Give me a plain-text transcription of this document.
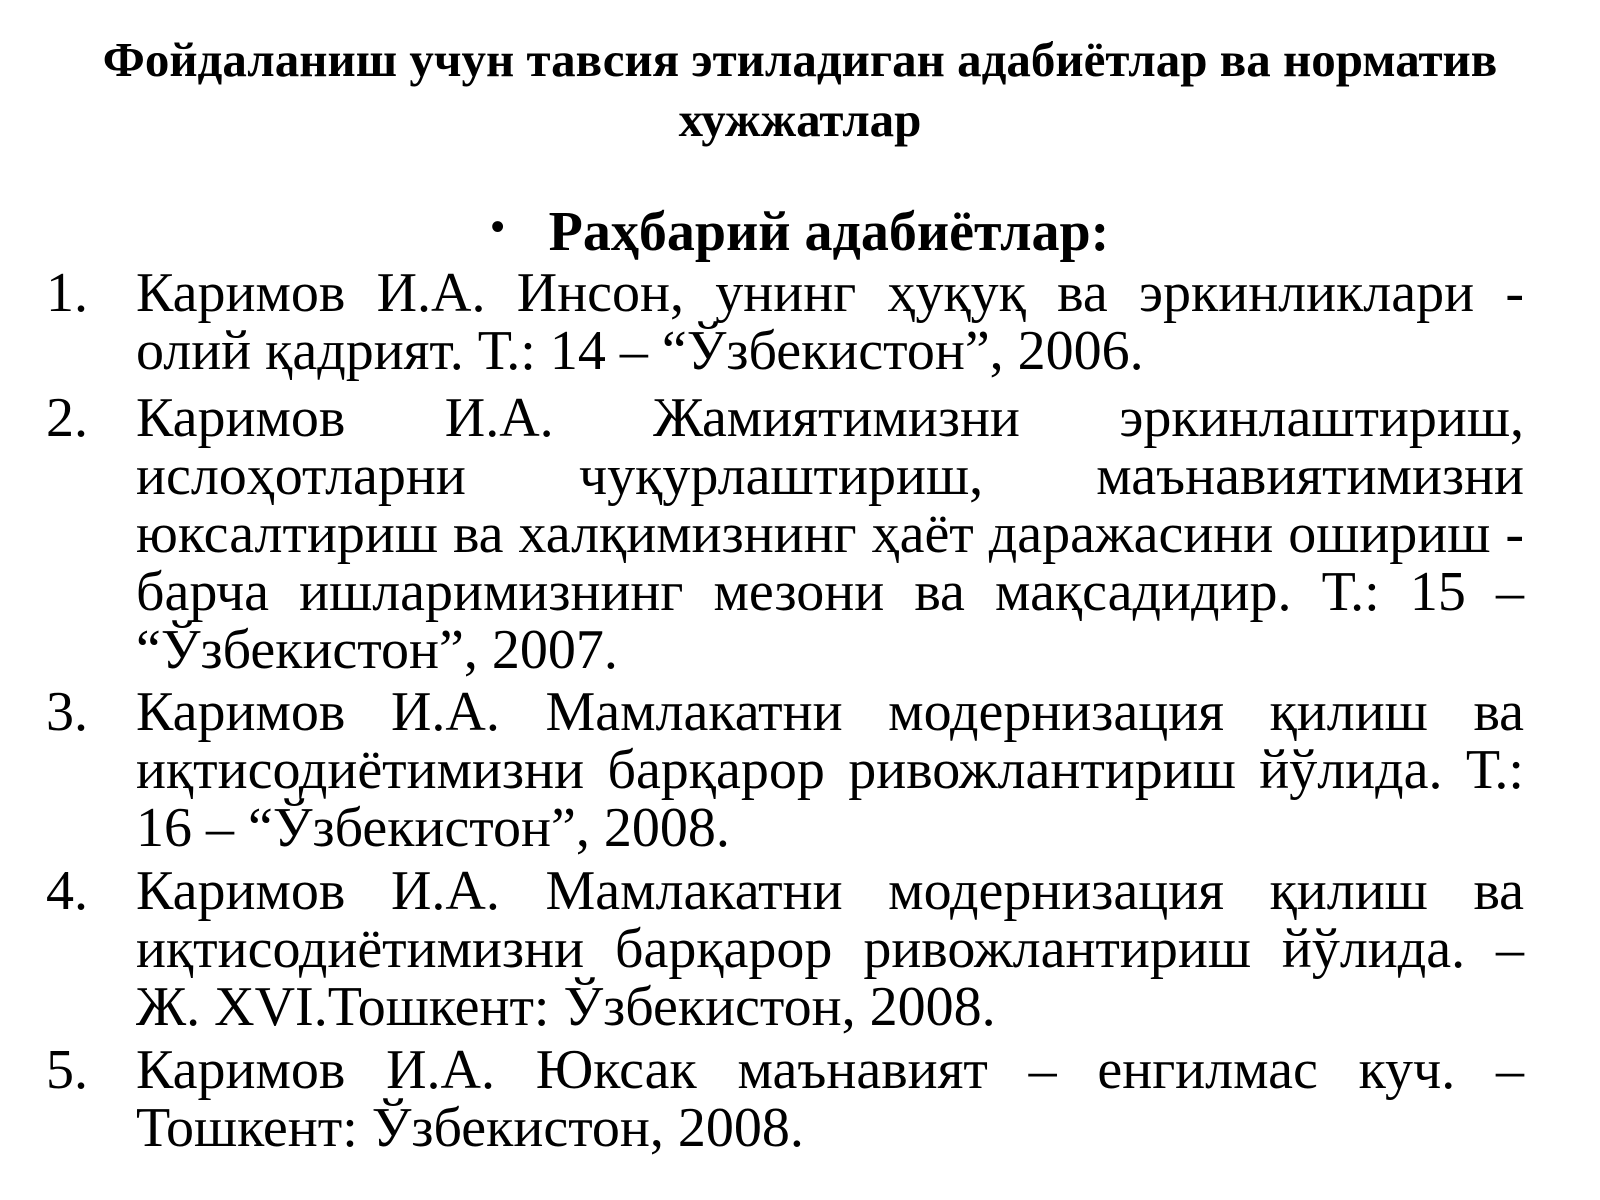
Фойдаланиш учун тавсия этиладиган адабиётлар ва норматив хужжатлар
• Раҳбарий адабиётлар:
1. Каримов И.А. Инсон, унинг ҳуқуқ ва эркинликлари - олий қадрият. Т.: 14 – “Ўзбекистон”, 2006.
2. Каримов И.А. Жамиятимизни эркинлаштириш, ислоҳотларни чуқурлаштириш, маънавиятимизни юксалтириш ва халқимизнинг ҳаёт даражасини ошириш - барча ишларимизнинг мезони ва мақсадидир. Т.: 15 – “Ўзбекистон”, 2007.
3. Каримов И.А. Мамлакатни модернизация қилиш ва иқтисодиётимизни барқарор ривожлантириш йўлида. Т.: 16 – “Ўзбекистон”, 2008.
4. Каримов И.А. Мамлакатни модернизация қилиш ва иқтисодиётимизни барқарор ривожлантириш йўлида. – Ж. XVI.Тошкент: Ўзбекистон, 2008.
5. Каримов И.А. Юксак маънавият – енгилмас куч. – Тошкент: Ўзбекистон, 2008.
